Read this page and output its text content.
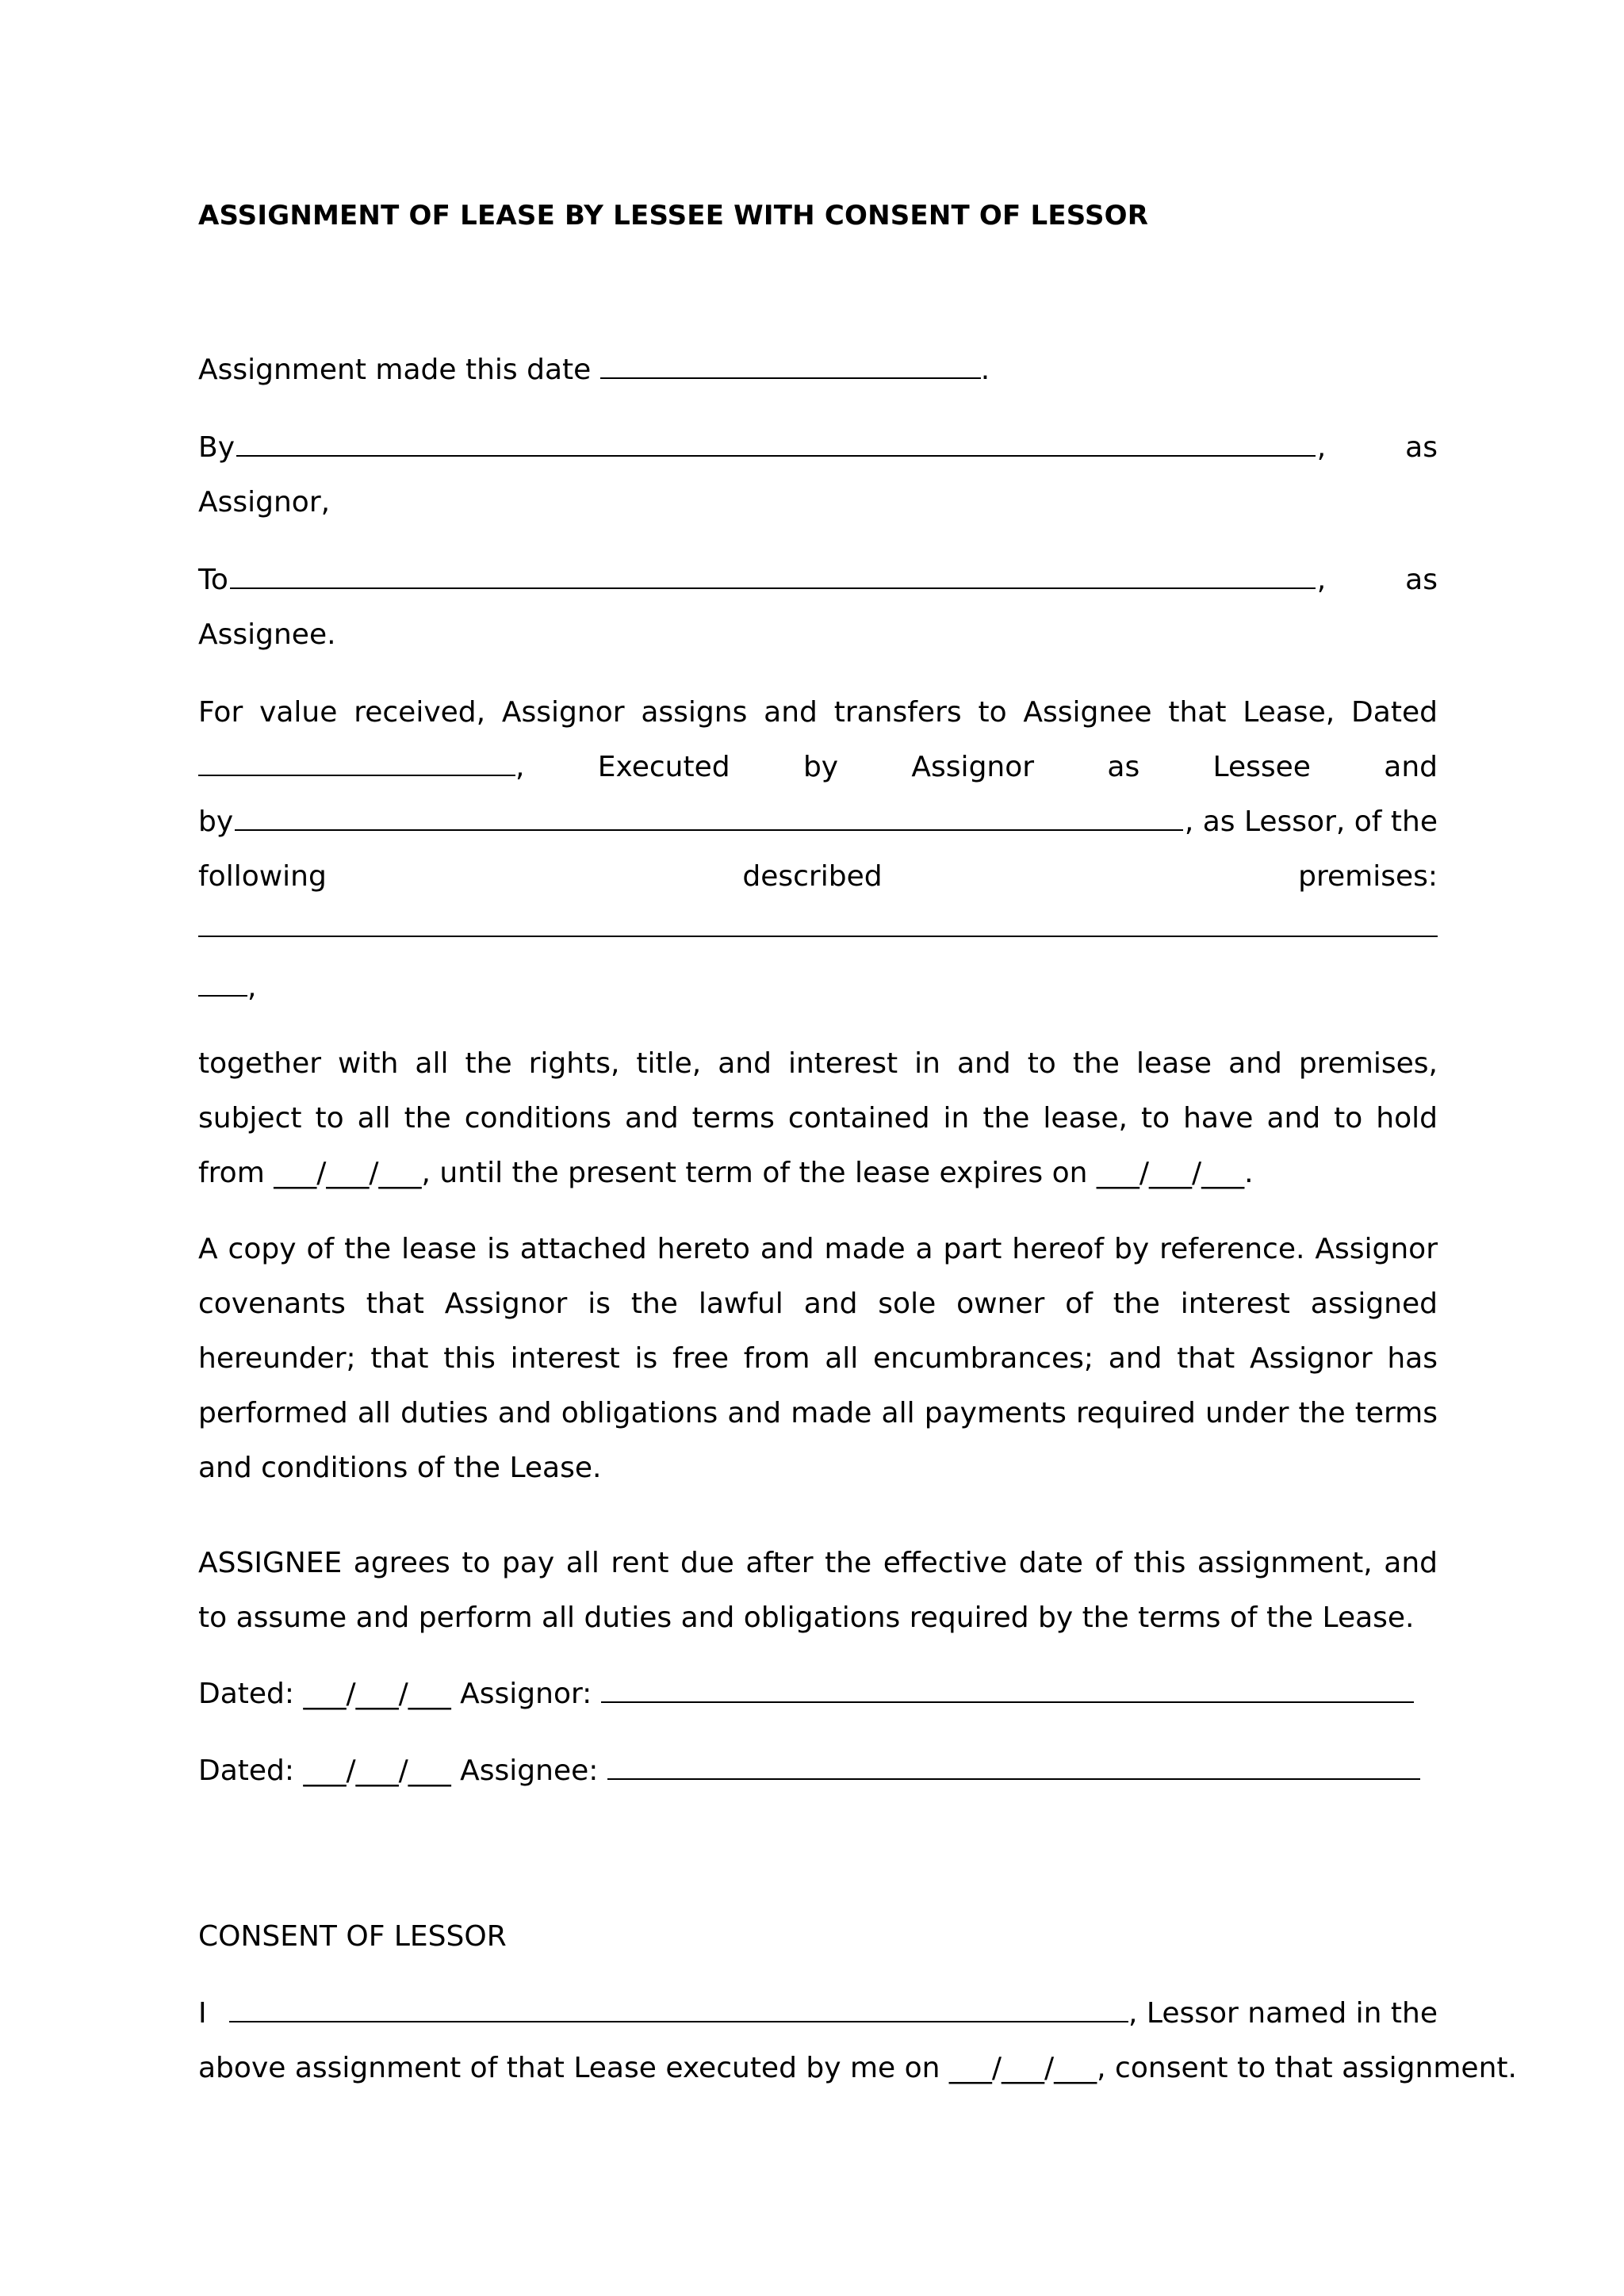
ASSIGNMENT OF LEASE BY LESSEE WITH CONSENT OF LESSOR
Assignment made this date	.
By	,	as
Assignor,
To	,	as
Assignee.
For value received, Assignor assigns and transfers to Assignee that Lease, Dated
,	Executed	by	Assignor	as	Lessee	and
by	, as Lessor, of the
following	described	premises:
,
together with all the rights, title, and interest in and to the lease and premises, subject to all the conditions and terms contained in the lease, to have and to hold from ___/___/___, until the present term of the lease expires on ___/___/___.
A copy of the lease is attached hereto and made a part hereof by reference. Assignor covenants that Assignor is the lawful and sole owner of the interest assigned hereunder; that this interest is free from all encumbrances; and that Assignor has performed all duties and obligations and made all payments required under the terms and conditions of the Lease.
ASSIGNEE agrees to pay all rent due after the effective date of this assignment, and to assume and perform all duties and obligations required by the terms of the Lease.
Dated: ___/___/___ Assignor:
Dated: ___/___/___ Assignee:
CONSENT OF LESSOR
I	, Lessor named in the
above assignment of that Lease executed by me on ___/___/___, consent to that assignment.
